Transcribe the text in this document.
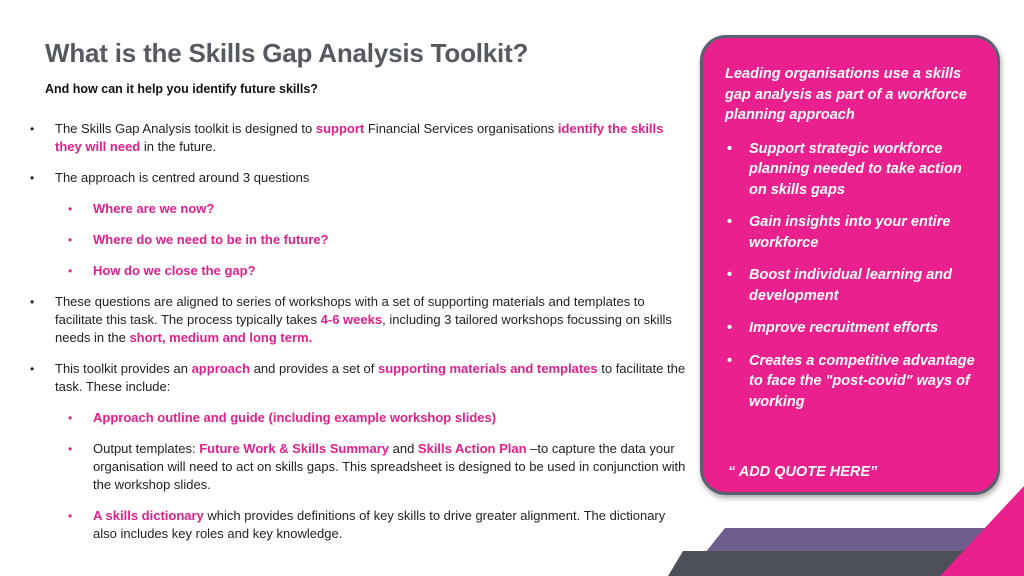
What is the Skills Gap Analysis Toolkit?

And how can it help you identify future skills?

• The Skills Gap Analysis toolkit is designed to support Financial Services organisations identify the skills they will need in the future.
• The approach is centred around 3 questions
• Where are we now?
• Where do we need to be in the future?
• How do we close the gap?
• These questions are aligned to series of workshops with a set of supporting materials and templates to facilitate this task. The process typically takes 4-6 weeks, including 3 tailored workshops focussing on skills needs in the short, medium and long term.
• This toolkit provides an approach and provides a set of supporting materials and templates to facilitate the task. These include:
• Approach outline and guide (including example workshop slides)
• Output templates: Future Work & Skills Summary and Skills Action Plan –to capture the data your organisation will need to act on skills gaps. This spreadsheet is designed to be used in conjunction with the workshop slides.
• A skills dictionary which provides definitions of key skills to drive greater alignment. The dictionary also includes key roles and key knowledge.

Leading organisations use a skills gap analysis as part of a workforce planning approach

• Support strategic workforce planning needed to take action on skills gaps
• Gain insights into your entire workforce
• Boost individual learning and development
• Improve recruitment efforts
• Creates a competitive advantage to face the "post-covid" ways of working

“ ADD QUOTE HERE”
